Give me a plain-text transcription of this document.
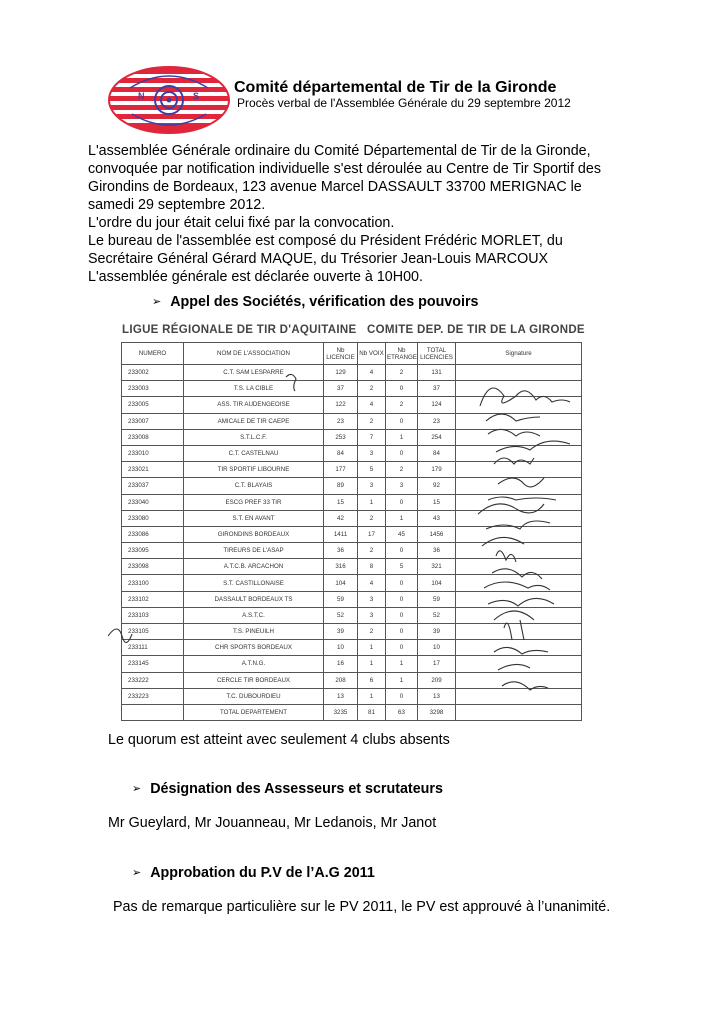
N	S Comité départemental de Tir de la Gironde
Procès verbal de l'Assemblée Générale du 29 septembre 2012
L'assemblée Générale ordinaire du Comité Départemental de Tir de la Gironde,
convoquée par notification individuelle s'est déroulée au Centre de Tir Sportif des
Girondins de Bordeaux, 123 avenue Marcel DASSAULT 33700 MERIGNAC le
samedi 29 septembre 2012.
L'ordre du jour était celui fixé par la convocation.
Le bureau de l'assemblée est composé du Président Frédéric MORLET, du
Secrétaire Général Gérard MAQUE, du Trésorier Jean-Louis MARCOUX
L'assemblée générale est déclarée ouverte à 10H00.
➢ Appel des Sociétés, vérification des pouvoirs
LIGUE RÉGIONALE DE TIR D'AQUITAINE COMITE DEP. DE TIR DE LA GIRONDE
NUMERO	NOM DE L'ASSOCIATION	Nb LICENCIE	Nb VOIX	Nb ETRANGE	TOTAL LICENCIES	Signature
233002	C.T. SAM LESPARRE	129	4	2	131	
233003	T.S. LA CIBLE	37	2	0	37	
233005	ASS. TIR AUDENGEOISE	122	4	2	124	
233007	AMICALE DE TIR CAEPE	23	2	0	23	
233008	S.T.L.C.F.	253	7	1	254	
233010	C.T. CASTELNAU	84	3	0	84	
233021	TIR SPORTIF LIBOURNE	177	5	2	179	
233037	C.T. BLAYAIS	89	3	3	92	
233040	ESCG PREF 33 TIR	15	1	0	15	
233080	S.T. EN AVANT	42	2	1	43	
233086	GIRONDINS BORDEAUX	1411	17	45	1456	
233095	TIREURS DE L'ASAP	36	2	0	36	
233098	A.T.C.B. ARCACHON	316	8	5	321	
233100	S.T. CASTILLONAISE	104	4	0	104	
233102	DASSAULT BORDEAUX TS	59	3	0	59	
233103	A.S.T.C.	52	3	0	52	
233105	T.S. PINEUILH	39	2	0	39	
233111	CHR SPORTS BORDEAUX	10	1	0	10	
233145	A.T.N.G.	16	1	1	17	
233222	CERCLE TIR BORDEAUX	208	6	1	209	
233223	T.C. DUBOURDIEU	13	1	0	13	
	TOTAL DEPARTEMENT	3235	81	63	3298	
Le quorum est atteint avec seulement 4 clubs absents
➢ Désignation des Assesseurs et scrutateurs
Mr Gueylard, Mr Jouanneau, Mr Ledanois, Mr Janot
➢ Approbation du P.V de l’A.G 2011
Pas de remarque particulière sur le PV 2011, le PV est approuvé à l’unanimité.
